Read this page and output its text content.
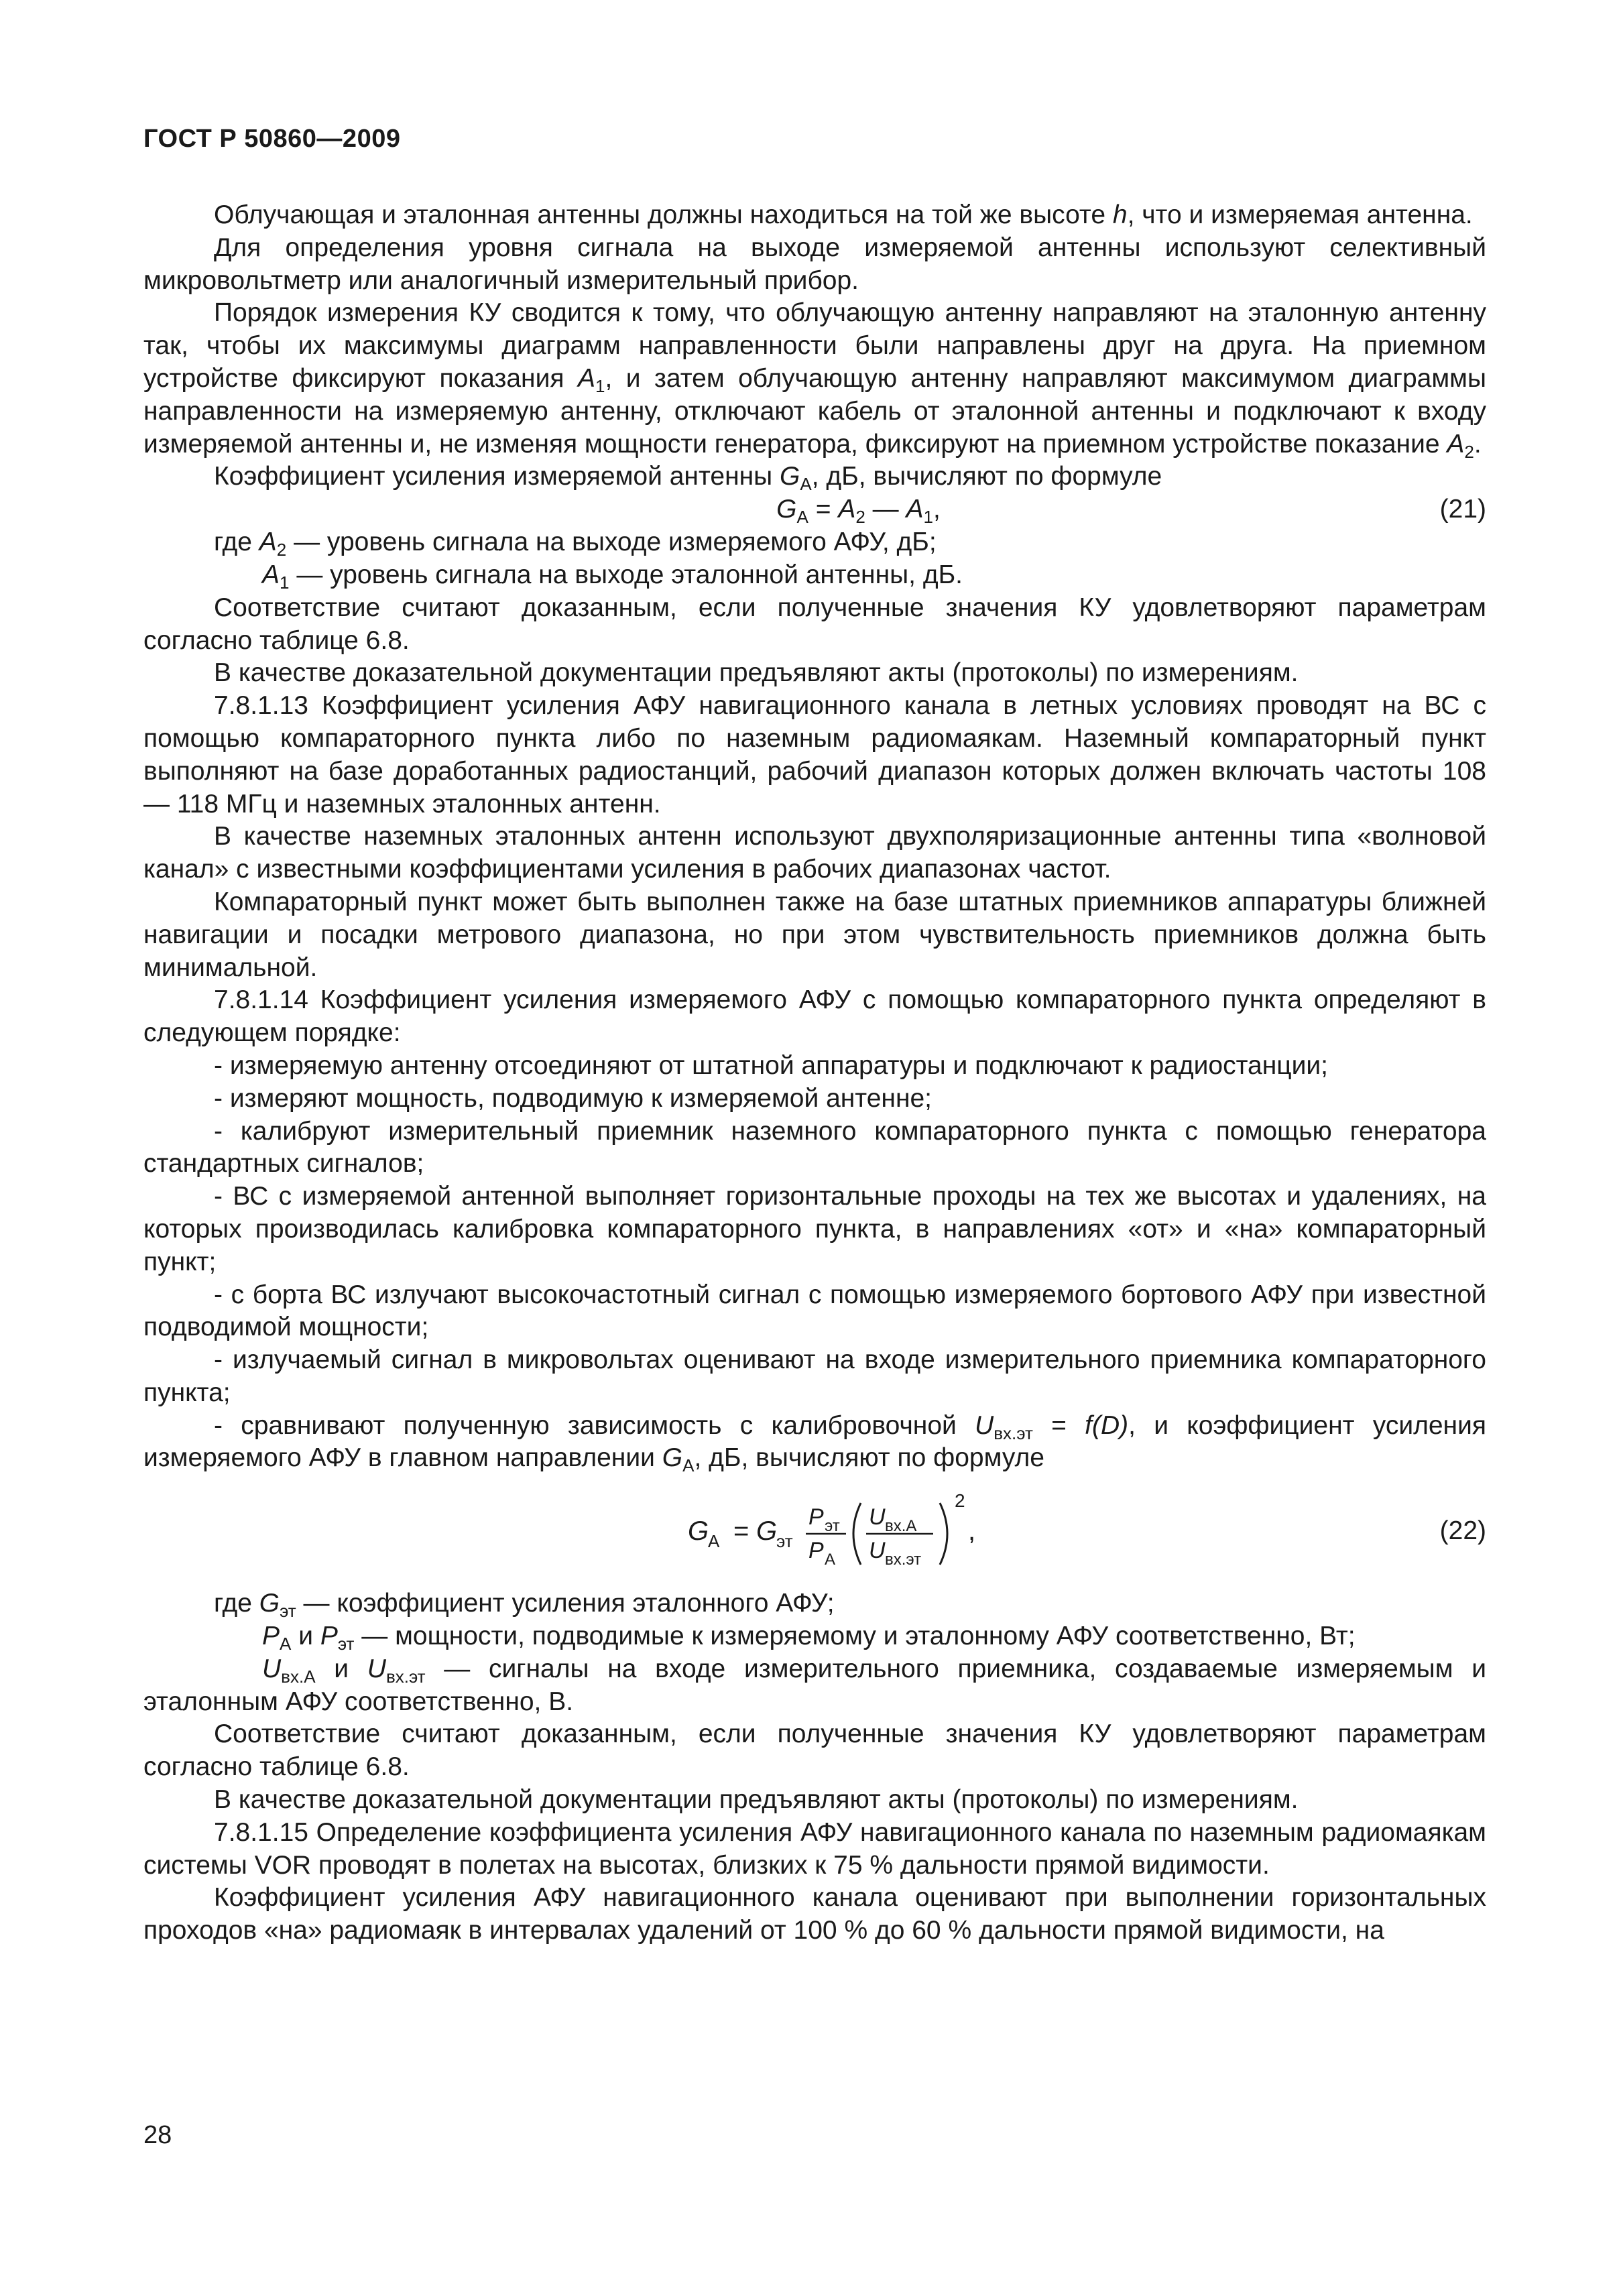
ГОСТ Р 50860—2009

Облучающая и эталонная антенны должны находиться на той же высоте h, что и измеряемая антенна.

Для определения уровня сигнала на выходе измеряемой антенны используют селективный микровольтметр или аналогичный измерительный прибор.

Порядок измерения КУ сводится к тому, что облучающую антенну направляют на эталонную антенну так, чтобы их максимумы диаграмм направленности были направлены друг на друга. На приемном устройстве фиксируют показания $A_1$, и затем облучающую антенну направляют максимумом диаграммы направленности на измеряемую антенну, отключают кабель от эталонной антенны и подключают к входу измеряемой антенны и, не изменяя мощности генератора, фиксируют на приемном устройстве показание $A_2$.

Коэффициент усиления измеряемой антенны $G_А$, дБ, вычисляют по формуле

$G_А = A_2$ — $A_1$,	(21)

где $A_2$ — уровень сигнала на выходе измеряемого АФУ, дБ;

$A_1$ — уровень сигнала на выходе эталонной антенны, дБ.

Соответствие считают доказанным, если полученные значения КУ удовлетворяют параметрам согласно таблице 6.8.

В качестве доказательной документации предъявляют акты (протоколы) по измерениям.

7.8.1.13 Коэффициент усиления АФУ навигационного канала в летных условиях проводят на ВС с помощью компараторного пункта либо по наземным радиомаякам. Наземный компараторный пункт выполняют на базе доработанных радиостанций, рабочий диапазон которых должен включать частоты 108 — 118 МГц и наземных эталонных антенн.

В качестве наземных эталонных антенн используют двухполяризационные антенны типа «волновой канал» с известными коэффициентами усиления в рабочих диапазонах частот.

Компараторный пункт может быть выполнен также на базе штатных приемников аппаратуры ближней навигации и посадки метрового диапазона, но при этом чувствительность приемников должна быть минимальной.

7.8.1.14 Коэффициент усиления измеряемого АФУ с помощью компараторного пункта определяют в следующем порядке:

- измеряемую антенну отсоединяют от штатной аппаратуры и подключают к радиостанции;

- измеряют мощность, подводимую к измеряемой антенне;

- калибруют измерительный приемник наземного компараторного пункта с помощью генератора стандартных сигналов;

- ВС с измеряемой антенной выполняет горизонтальные проходы на тех же высотах и удалениях, на которых производилась калибровка компараторного пункта, в направлениях «от» и «на» компараторный пункт;

- с борта ВС излучают высокочастотный сигнал с помощью измеряемого бортового АФУ при известной подводимой мощности;

- излучаемый сигнал в микровольтах оценивают на входе измерительного приемника компараторного пункта;

- сравнивают полученную зависимость с калибровочной $U_{вх.эт} = f(D)$, и коэффициент усиления измеряемого АФУ в главном направлении $G_А$, дБ, вычисляют по формуле

G
А = G
эт
P эт
P А
U вх.А
U вх.эт
2
,	(22)

где $G_{эт}$ — коэффициент усиления эталонного АФУ;

$P_А$ и $P_{эт}$ — мощности, подводимые к измеряемому и эталонному АФУ соответственно, Вт;

$U_{вх.А}$ и $U_{вх.эт}$ — сигналы на входе измерительного приемника, создаваемые измеряемым и эталонным АФУ соответственно, В.

Соответствие считают доказанным, если полученные значения КУ удовлетворяют параметрам согласно таблице 6.8.

В качестве доказательной документации предъявляют акты (протоколы) по измерениям.

7.8.1.15 Определение коэффициента усиления АФУ навигационного канала по наземным радиомаякам системы VOR проводят в полетах на высотах, близких к 75 % дальности прямой видимости.

Коэффициент усиления АФУ навигационного канала оценивают при выполнении горизонтальных проходов «на» радиомаяк в интервалах удалений от 100 % до 60 % дальности прямой видимости, на

28
